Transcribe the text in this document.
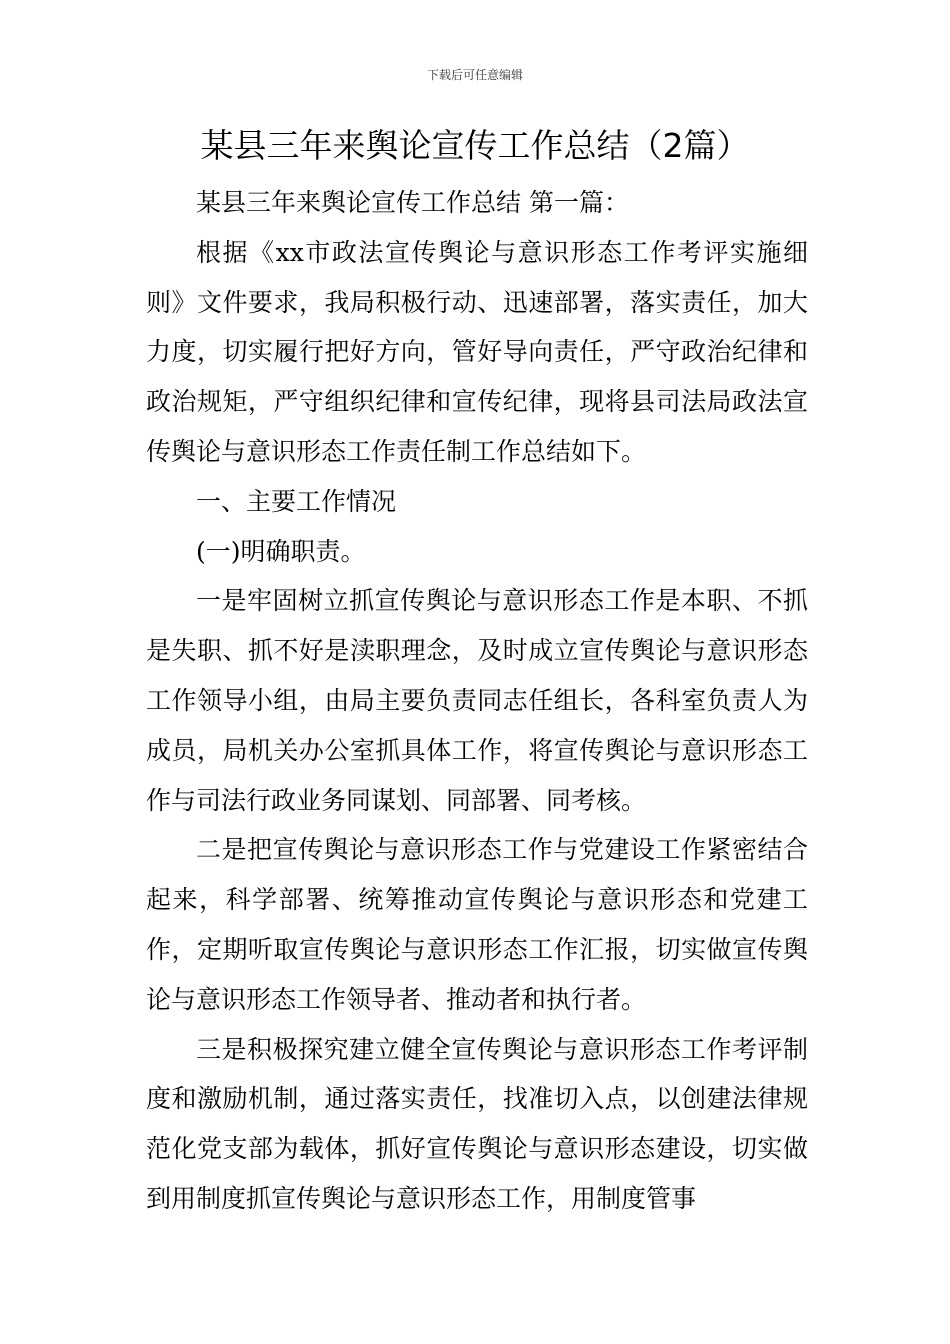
下载后可任意编辑
某县三年来舆论宣传工作总结（2篇）

某县三年来舆论宣传工作总结 第一篇：

根据《xx市政法宣传舆论与意识形态工作考评实施细则》文件要求，我局积极行动、迅速部署，落实责任，加大力度，切实履行把好方向，管好导向责任，严守政治纪律和政治规矩，严守组织纪律和宣传纪律，现将县司法局政法宣传舆论与意识形态工作责任制工作总结如下。

一、主要工作情况

(一)明确职责。

一是牢固树立抓宣传舆论与意识形态工作是本职、不抓是失职、抓不好是渎职理念，及时成立宣传舆论与意识形态工作领导小组，由局主要负责同志任组长，各科室负责人为成员，局机关办公室抓具体工作，将宣传舆论与意识形态工作与司法行政业务同谋划、同部署、同考核。

二是把宣传舆论与意识形态工作与党建设工作紧密结合起来，科学部署、统筹推动宣传舆论与意识形态和党建工作，定期听取宣传舆论与意识形态工作汇报，切实做宣传舆论与意识形态工作领导者、推动者和执行者。

三是积极探究建立健全宣传舆论与意识形态工作考评制度和激励机制，通过落实责任，找准切入点，以创建法律规范化党支部为载体，抓好宣传舆论与意识形态建设，切实做到用制度抓宣传舆论与意识形态工作，用制度管事
